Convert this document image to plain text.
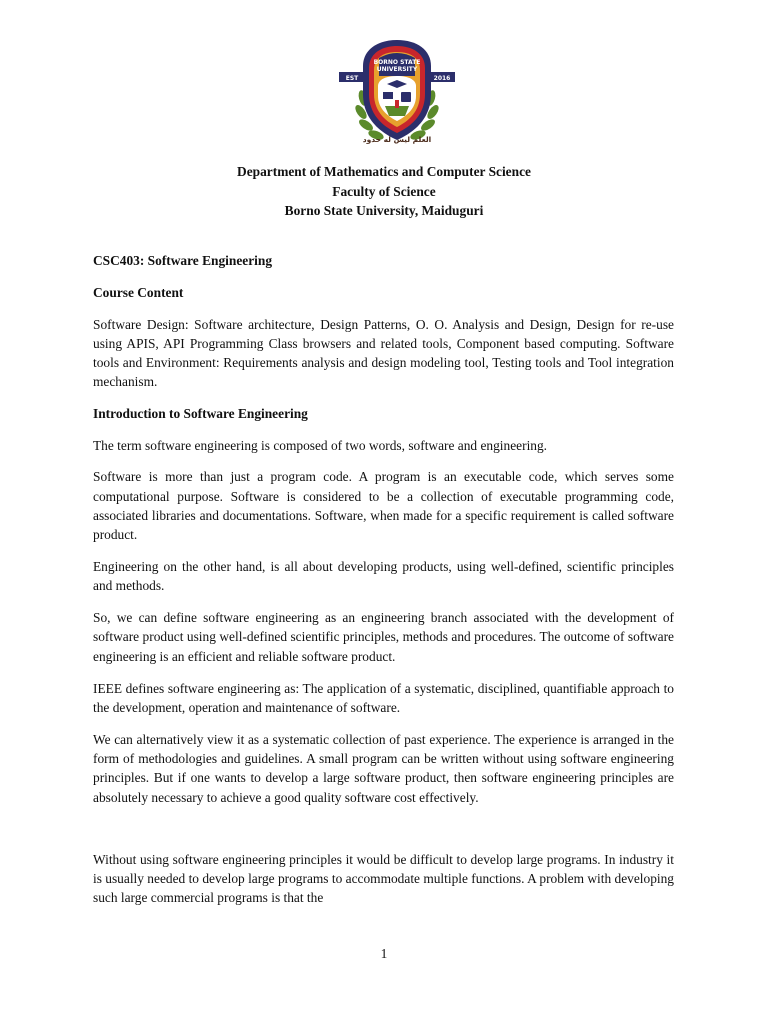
BORNO STATE
UNIVERSITY
EST	2016
العلم ليس له حدود
Department of Mathematics and Computer Science
Faculty of Science
Borno State University, Maiduguri
CSC403: Software Engineering
Course Content

Software Design: Software architecture, Design Patterns, O. O. Analysis and Design, Design for re-use using APIS, API Programming Class browsers and related tools, Component based computing. Software tools and Environment: Requirements analysis and design modeling tool, Testing tools and Tool integration mechanism.

Introduction to Software Engineering

The term software engineering is composed of two words, software and engineering.

Software is more than just a program code. A program is an executable code, which serves some computational purpose. Software is considered to be a collection of executable programming code, associated libraries and documentations. Software, when made for a specific requirement is called software product.

Engineering on the other hand, is all about developing products, using well-defined, scientific principles and methods.

So, we can define software engineering as an engineering branch associated with the development of software product using well-defined scientific principles, methods and procedures. The outcome of software engineering is an efficient and reliable software product.

IEEE defines software engineering as: The application of a systematic, disciplined, quantifiable approach to the development, operation and maintenance of software.

We can alternatively view it as a systematic collection of past experience. The experience is arranged in the form of methodologies and guidelines. A small program can be written without using software engineering principles. But if one wants to develop a large software product, then software engineering principles are absolutely necessary to achieve a good quality software cost effectively.

Without using software engineering principles it would be difficult to develop large programs. In industry it is usually needed to develop large programs to accommodate multiple functions. A problem with developing such large commercial programs is that the

1
